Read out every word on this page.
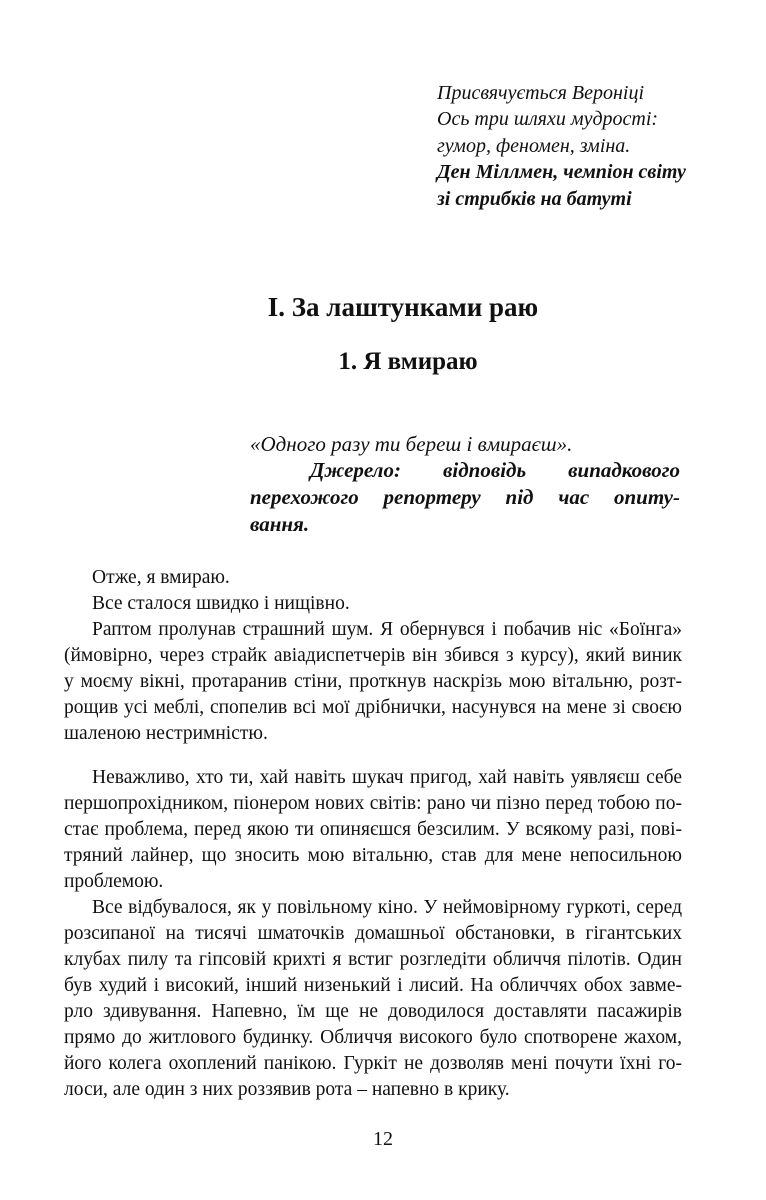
Присвячується Вероніці
Ось три шляхи мудрості:
гумор, феномен, зміна.
Ден Міллмен, чемпіон світу
зі стрибків на батуті
I. За лаштунками раю
1. Я вмираю
«Одного разу ти береш і вмираєш».
Джерело: відповідь випадкового
перехожого репортеру під час опиту-
вання.
Отже, я вмираю.
Все сталося швидко і нищівно.
Раптом пролунав страшний шум. Я обернувся і побачив ніс «Боїнга»
(ймовірно, через страйк авіадиспетчерів він збився з курсу), який виник
у моєму вікні, протаранив стіни, проткнув наскрізь мою вітальню, розт-
рощив усі меблі, спопелив всі мої дрібнички, насунувся на мене зі своєю
шаленою нестримністю.
Неважливо, хто ти, хай навіть шукач пригод, хай навіть уявляєш себе
першопрохідником, піонером нових світів: рано чи пізно перед тобою по-
стає проблема, перед якою ти опиняєшся безсилим. У всякому разі, пові-
тряний лайнер, що зносить мою вітальню, став для мене непосильною
проблемою.
Все відбувалося, як у повільному кіно. У неймовірному гуркоті, серед
розсипаної на тисячі шматочків домашньої обстановки, в гігантських
клубах пилу та гіпсовій крихті я встиг розгледіти обличчя пілотів. Один
був худий і високий, інший низенький і лисий. На обличчях обох завме-
рло здивування. Напевно, їм ще не доводилося доставляти пасажирів
прямо до житлового будинку. Обличчя високого було спотворене жахом,
його колега охоплений панікою. Гуркіт не дозволяв мені почути їхні го-
лоси, але один з них роззявив рота – напевно в крику.
12
